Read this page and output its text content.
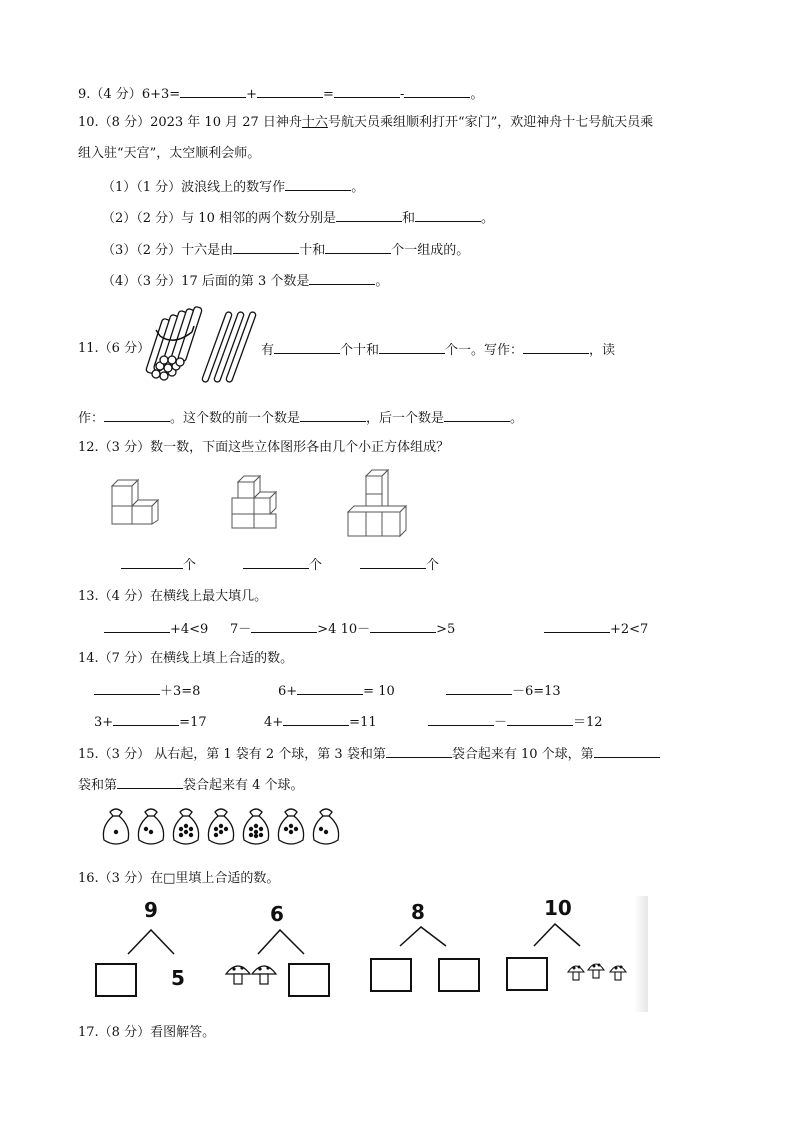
9.（4 分）6+3=	+	=	-	。
10.（8 分）2023 年 10 月 27 日神舟十六号航天员乘组顺利打开“家门”，欢迎神舟十七号航天员乘
组入驻“天宫”，太空顺利会师。
（1）（1 分）波浪线上的数写作	。
（2）（2 分）与 10 相邻的两个数分别是	和	。
（3）（2 分）十六是由	十和	个一组成的。
（4）（3 分）17 后面的第 3 个数是	。
11.（6 分）	有	个十和	个一。写作：	，读
作：	。这个数的前一个数是	，后一个数是	。
12.（3 分）数一数，下面这些立体图形各由几个小正方体组成？
个	个	个
13.（4 分）在横线上最大填几。
+4<9 7－	>4 10－	>5	+2<7
14.（7 分）在横线上填上合适的数。
＋3=8	6+	= 10	－6=13
3+	=17	4+	=11	－	＝12
15.（3 分） 从右起，第 1 袋有 2 个球，第 3 袋和第	袋合起来有 10 个球，第
袋和第	袋合起来有 4 个球。
16.（3 分）在□里填上合适的数。
9	6	8	10
5
17.（8 分）看图解答。
